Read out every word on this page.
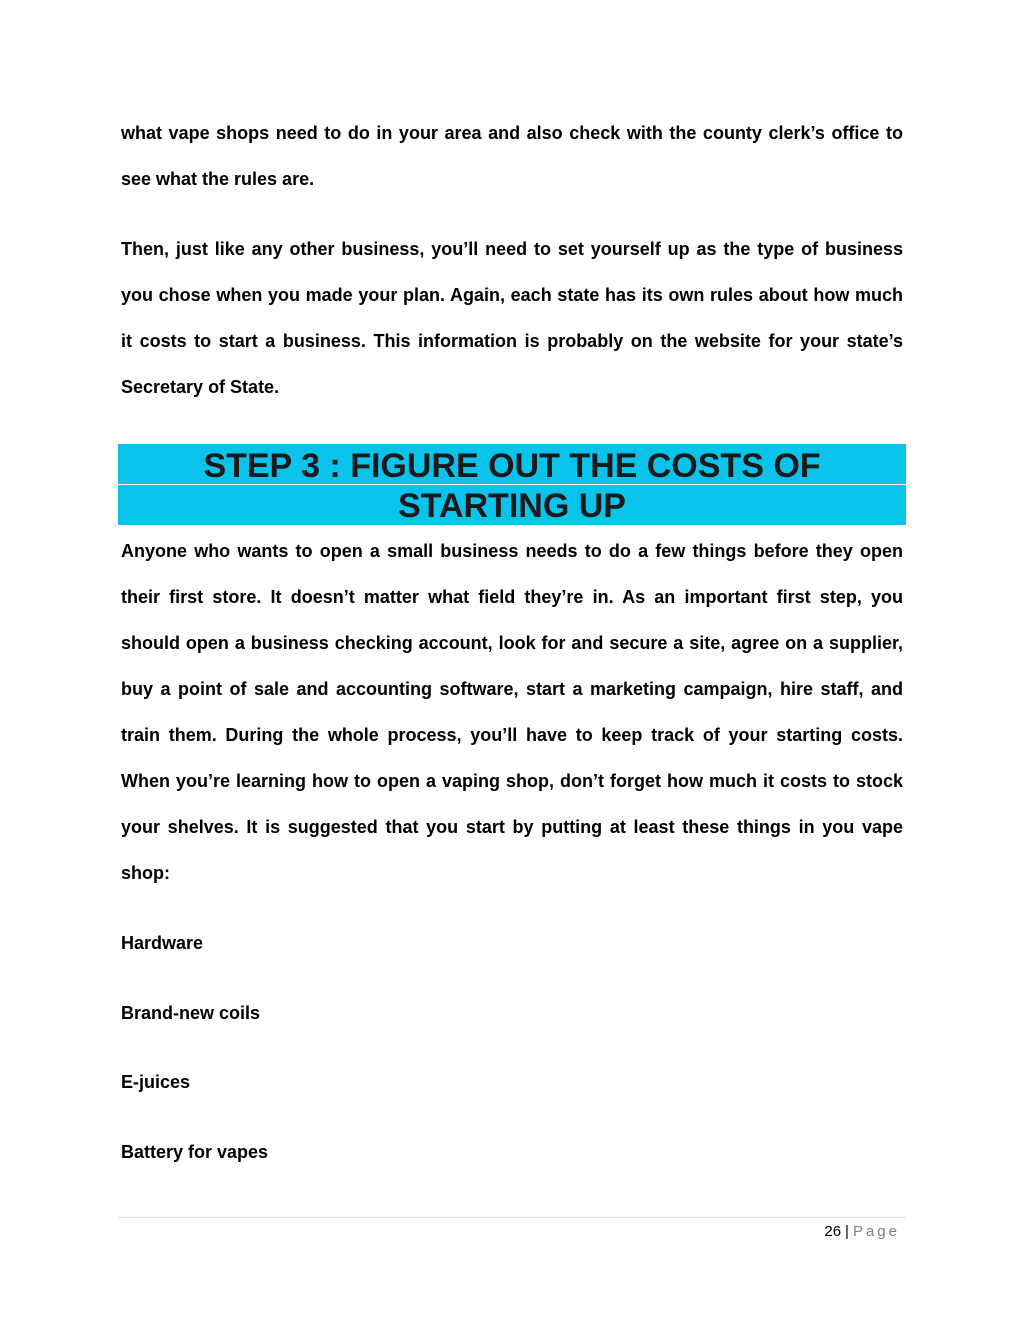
what vape shops need to do in your area and also check with the county clerk’s office to see what the rules are.

Then, just like any other business, you’ll need to set yourself up as the type of business you chose when you made your plan. Again, each state has its own rules about how much it costs to start a business. This information is probably on the website for your state’s Secretary of State.

Anyone who wants to open a small business needs to do a few things before they open their first store. It doesn’t matter what field they’re in. As an important first step, you should open a business checking account, look for and secure a site, agree on a supplier, buy a point of sale and accounting software, start a marketing campaign, hire staff, and train them. During the whole process, you’ll have to keep track of your starting costs. When you’re learning how to open a vaping shop, don’t forget how much it costs to stock your shelves. It is suggested that you start by putting at least these things in you vape shop:

STEP 3 : FIGURE OUT THE COSTS OF
STARTING UP
Hardware
Brand-new coils
E-juices
Battery for vapes
26 | Page
